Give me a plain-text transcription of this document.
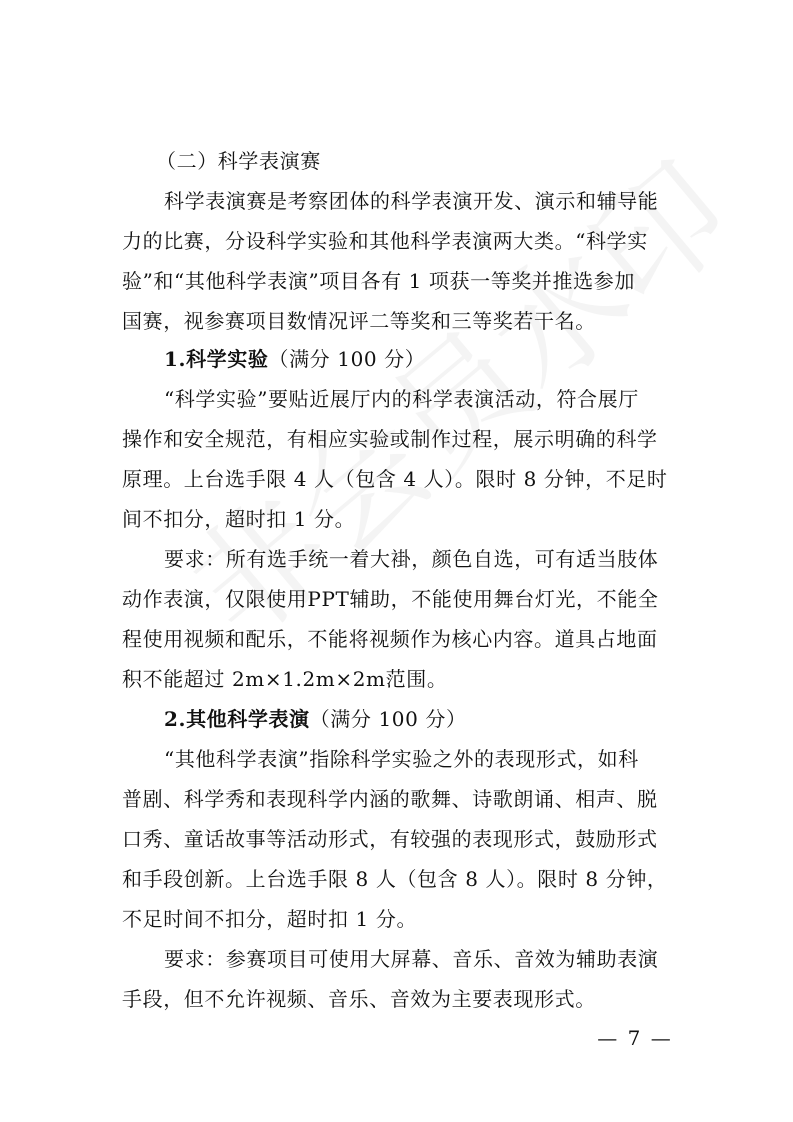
（二）科学表演赛
科学表演赛是考察团体的科学表演开发、演示和辅导能
力的比赛，分设科学实验和其他科学表演两大类。“科学实
验”和“其他科学表演”项目各有 1 项获一等奖并推选参加
国赛，视参赛项目数情况评二等奖和三等奖若干名。
1.科学实验（满分 100 分）
“科学实验”要贴近展厅内的科学表演活动，符合展厅
操作和安全规范，有相应实验或制作过程，展示明确的科学
原理。上台选手限 4 人（包含 4 人）。限时 8 分钟，不足时
间不扣分，超时扣 1 分。
要求：所有选手统一着大褂，颜色自选，可有适当肢体
动作表演，仅限使用PPT辅助，不能使用舞台灯光，不能全
程使用视频和配乐，不能将视频作为核心内容。道具占地面
积不能超过 2m×1.2m×2m范围。
2.其他科学表演（满分 100 分）
“其他科学表演”指除科学实验之外的表现形式，如科
普剧、科学秀和表现科学内涵的歌舞、诗歌朗诵、相声、脱
口秀、童话故事等活动形式，有较强的表现形式，鼓励形式
和手段创新。上台选手限 8 人（包含 8 人）。限时 8 分钟，
不足时间不扣分，超时扣 1 分。
要求：参赛项目可使用大屏幕、音乐、音效为辅助表演
手段，但不允许视频、音乐、音效为主要表现形式。
— 7 —
